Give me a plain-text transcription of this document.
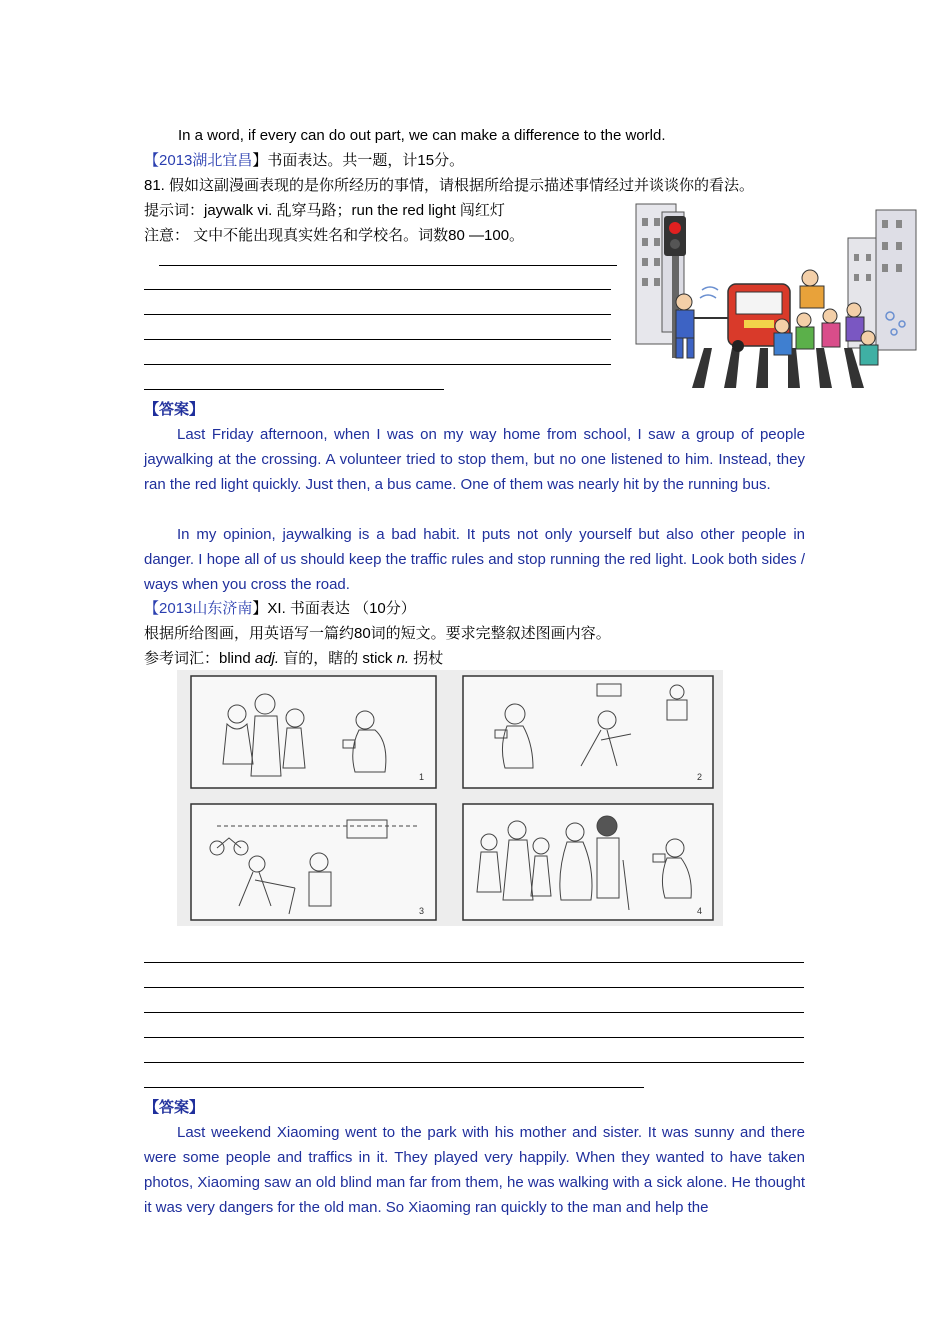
In a word, if every can do out part, we can make a difference to the world.
【2013湖北宜昌】书面表达。共一题，计15分。
81. 假如这副漫画表现的是你所经历的事情，请根据所给提示描述事情经过并谈谈你的看法。
提示词：jaywalk vi. 乱穿马路；run the red light 闯红灯
注意： 文中不能出现真实姓名和学校名。词数80 —100。
【答案】
Last Friday afternoon, when I was on my way home from school, I saw a group of people jaywalking at the crossing. A volunteer tried to stop them, but no one listened to him. Instead, they ran the red light quickly. Just then, a bus came. One of them was nearly hit by the running bus.
In my opinion, jaywalking is a bad habit. It puts not only yourself but also other people in danger. I hope all of us should keep the traffic rules and stop running the red light. Look both sides / ways when you cross the road.
【2013山东济南】XI. 书面表达 （10分）
根据所给图画，用英语写一篇约80词的短文。要求完整叙述图画内容。
参考词汇：blind adj. 盲的，瞎的 stick n. 拐杖
1	2
3	4
【答案】
Last weekend Xiaoming went to the park with his mother and sister. It was sunny and there were some people and traffics in it. They played very happily. When they wanted to have taken photos, Xiaoming saw an old blind man far from them, he was walking with a sick alone. He thought it was very dangers for the old man. So Xiaoming ran quickly to the man and help the
